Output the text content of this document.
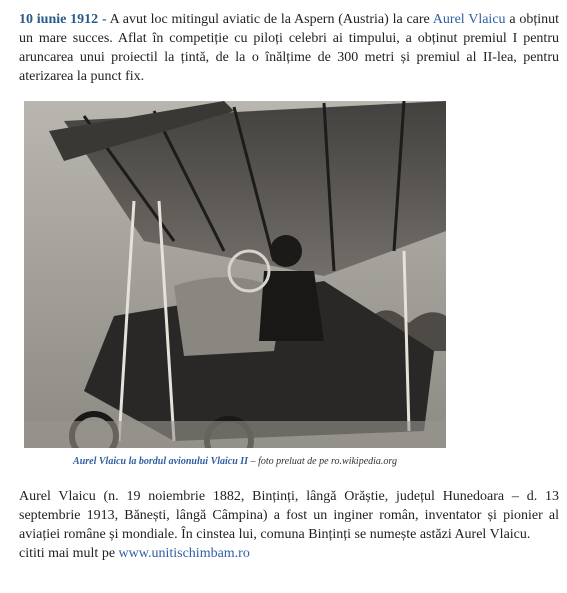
10 iunie 1912 - A avut loc mitingul aviatic de la Aspern (Austria) la care Aurel Vlaicu a obținut un mare succes. Aflat în competiție cu piloți celebri ai timpului, a obținut premiul I pentru aruncarea unui proiectil la țintă, de la o înălțime de 300 metri și premiul al II-lea, pentru aterizarea la punct fix.

Aurel Vlaicu la bordul avionului Vlaicu II – foto preluat de pe ro.wikipedia.org

Aurel Vlaicu (n. 19 noiembrie 1882, Binținți, lângă Orăștie, județul Hunedoara – d. 13 septembrie 1913, Bănești, lângă Câmpina) a fost un inginer român, inventator și pionier al aviației române și mondiale. În cinstea lui, comuna Binținți se numește astăzi Aurel Vlaicu.
cititi mai mult pe www.unitischimbam.ro
